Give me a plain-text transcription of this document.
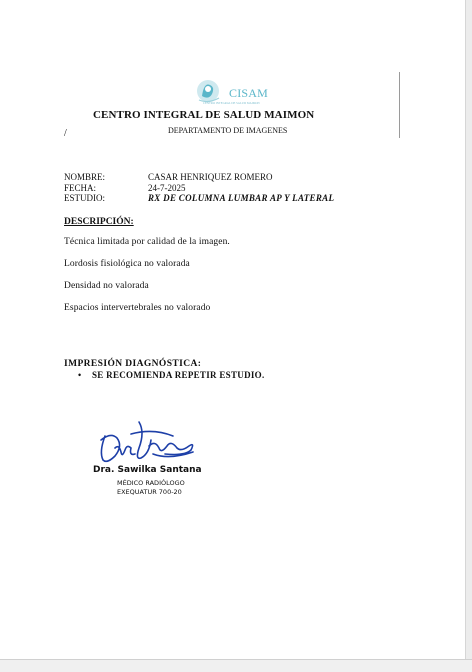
CISAM
CENTRO INTEGRAL DE SALUD MAIMON
CENTRO INTEGRAL DE SALUD MAIMON
DEPARTAMENTO DE IMAGENES
/
NOMBRE:	CASAR HENRIQUEZ ROMERO
FECHA:	24-7-2025
ESTUDIO:	RX DE COLUMNA LUMBAR AP Y LATERAL
DESCRIPCIÓN:
Técnica limitada por calidad de la imagen.
Lordosis fisiológica no valorada
Densidad no valorada
Espacios intervertebrales no valorado
IMPRESIÓN DIAGNÓSTICA:
• SE RECOMIENDA REPETIR ESTUDIO.
Dra. Sawilka Santana
MÉDICO RADIÓLOGO
EXEQUATUR 700-20
